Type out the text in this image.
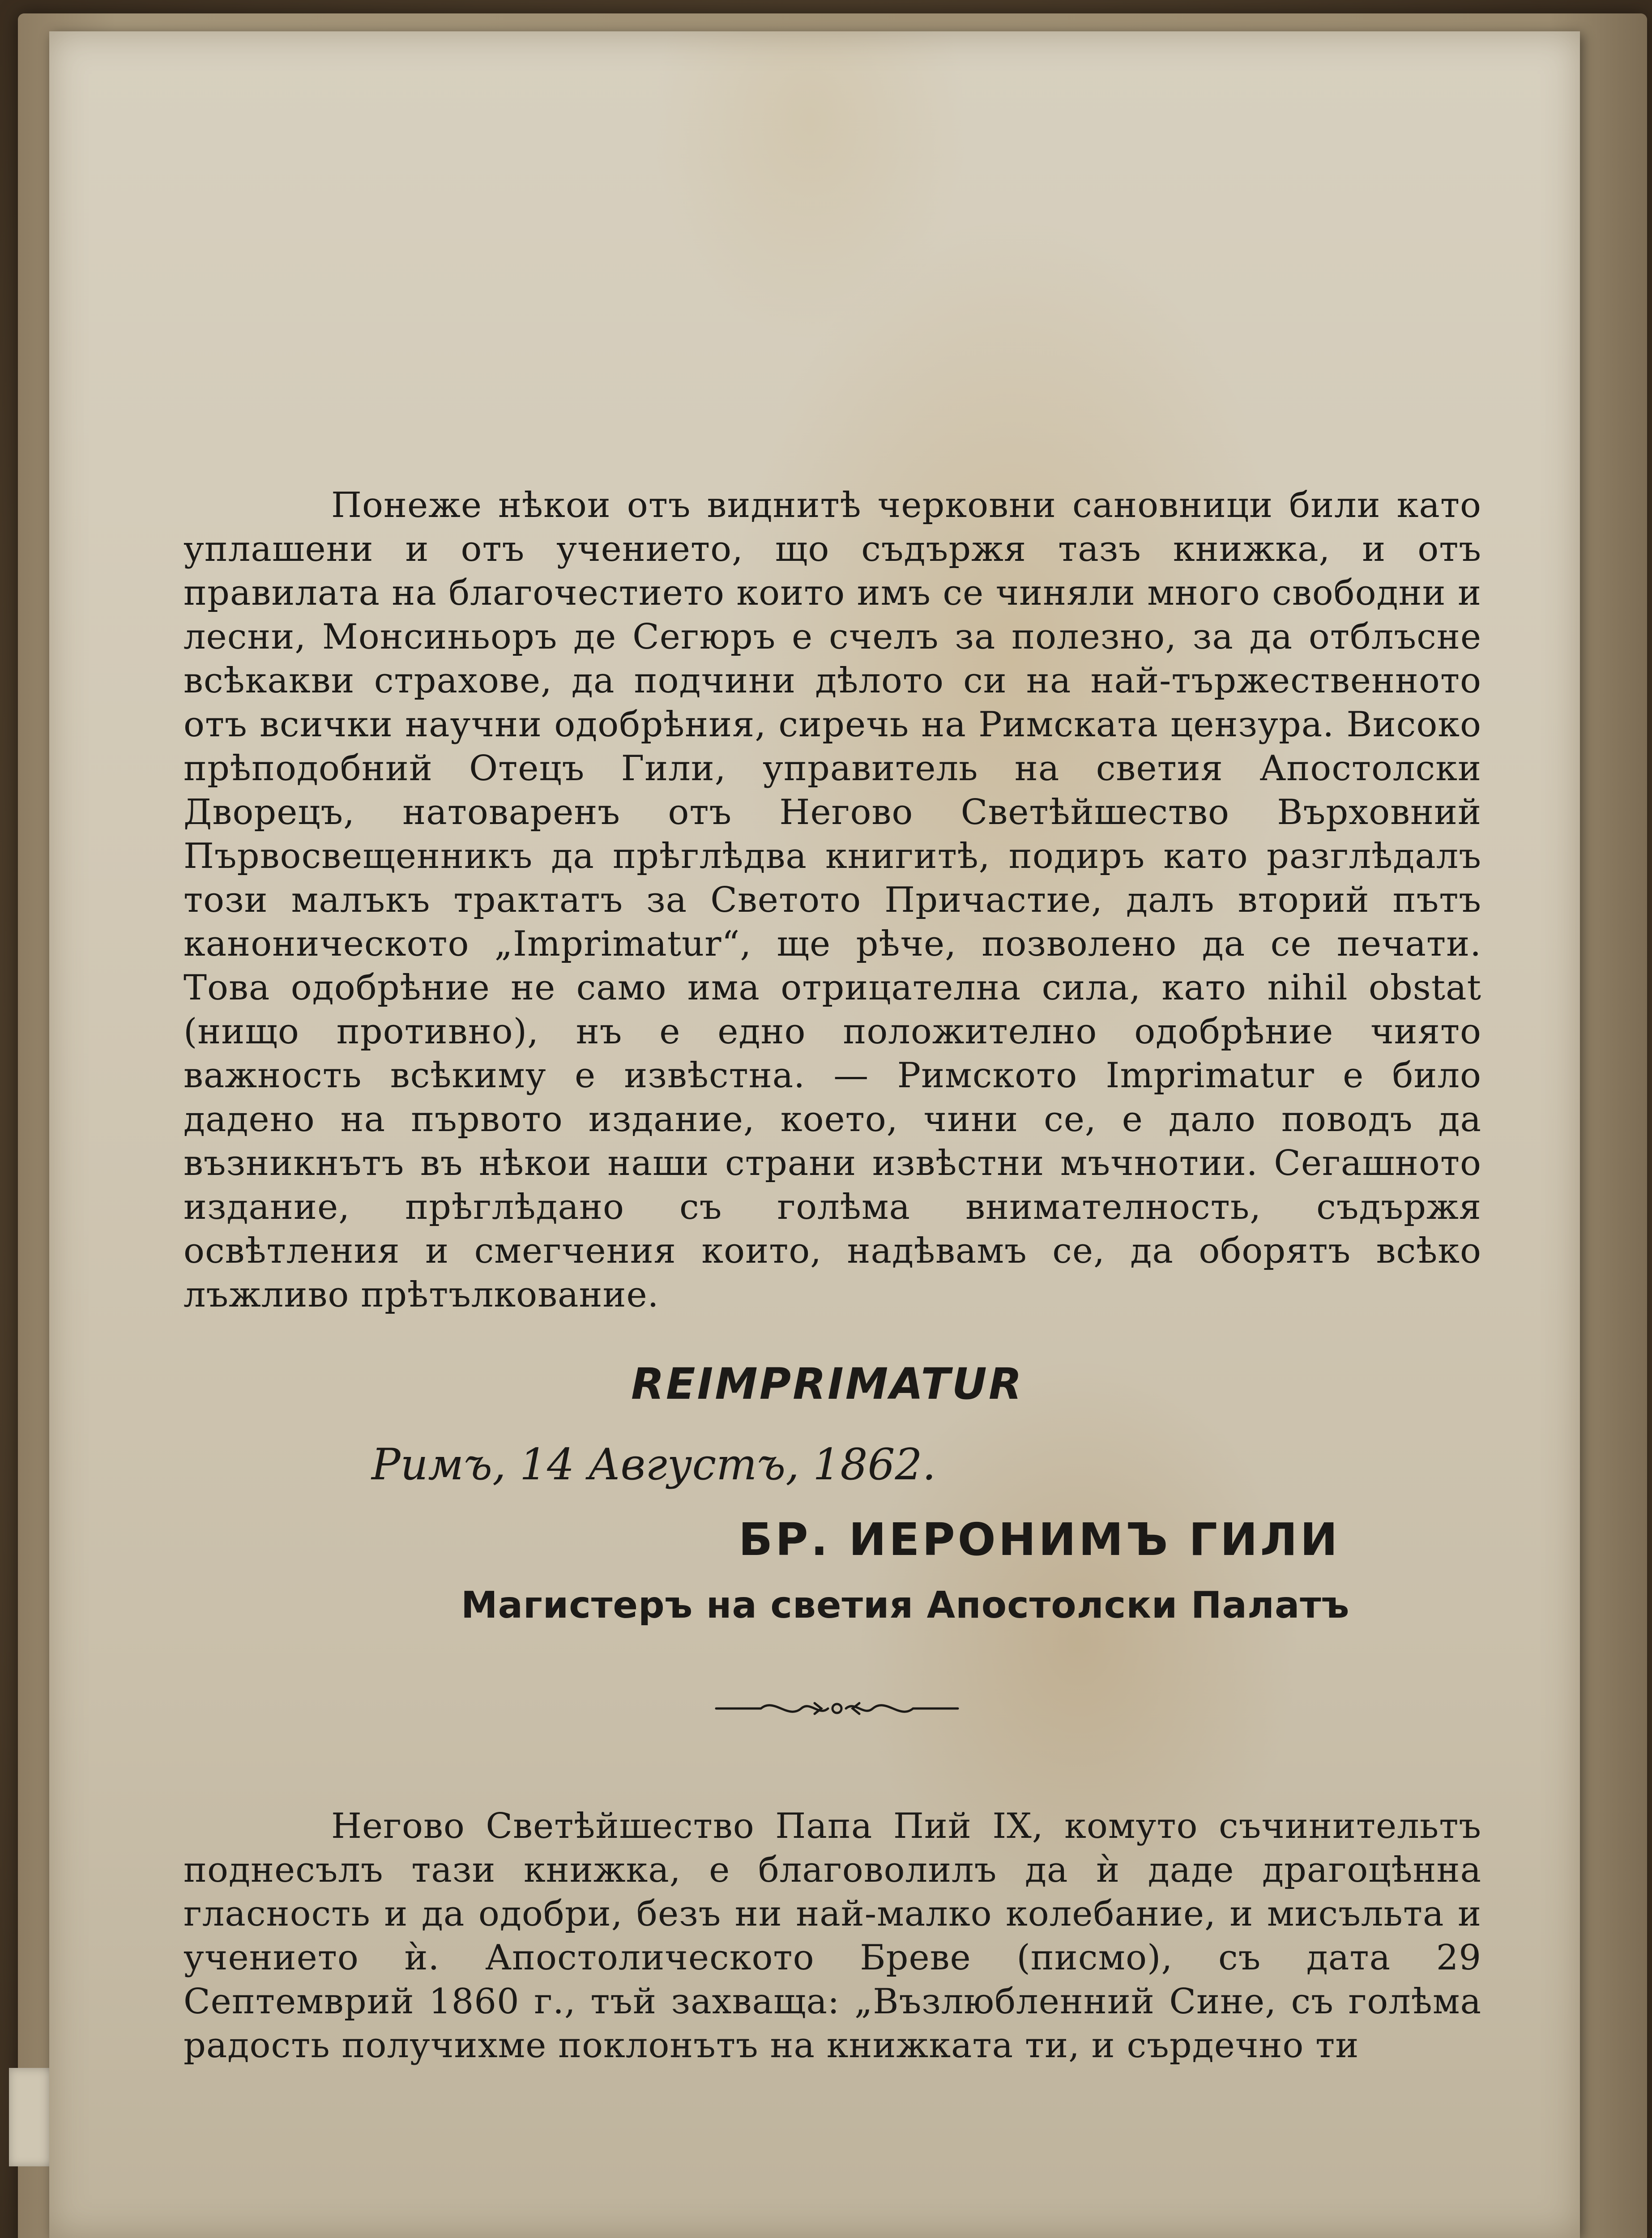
Понеже нѣкои отъ виднитѣ черковни сановници били като уплашени и отъ учението, що съдържя тазъ книжка, и отъ правилата на благочестието които имъ се чиняли много свободни и лесни, Монсиньоръ де Сегюръ е счелъ за полезно, за да отблъсне всѣкакви страхове, да подчини дѣлото си на най-тържественното отъ всички научни одобрѣния, сиречь на Римската цензура. Високо прѣподобний Отецъ Гили, управитель на светия Апостолски Дворецъ, натоваренъ отъ Негово Светѣйшество Върховний Първосвещенникъ да прѣглѣдва книгитѣ, подиръ като разглѣдалъ този малъкъ трактатъ за Светото Причастие, далъ вторий пътъ каноническото „Imprimatur“, ще рѣче, позволено да се печати. Това одобрѣние не само има отрицателна сила, като nihil obstat (нищо противно), нъ е едно положително одобрѣние чиято важность всѣкиму е извѣстна. — Римското Imprimatur е било дадено на първото издание, което, чини се, е дало поводъ да възникнътъ въ нѣкои наши страни извѣстни мъчнотии. Сегашното издание, прѣглѣдано съ голѣма внимателность, съдържя освѣтления и смегчения които, надѣвамъ се, да оборятъ всѣко лъжливо прѣтълкование.

REIMPRIMATUR
Римъ, 14 Августъ, 1862.
БР. ИЕРОНИМЪ ГИЛИ
Магистеръ на светия Апостолски Палатъ

Негово Светѣйшество Папа Пий IX, комуто съчинительтъ поднесълъ тази книжка, е благоволилъ да ѝ даде драгоцѣнна гласность и да одобри, безъ ни най-малко колебание, и мисъльта и учението ѝ. Апостолическото Бреве (писмо), съ дата 29 Септемврий 1860 г., тъй захваща: „Възлюбленний Сине, съ голѣма радость получихме поклонътъ на книжката ти, и сърдечно ти
